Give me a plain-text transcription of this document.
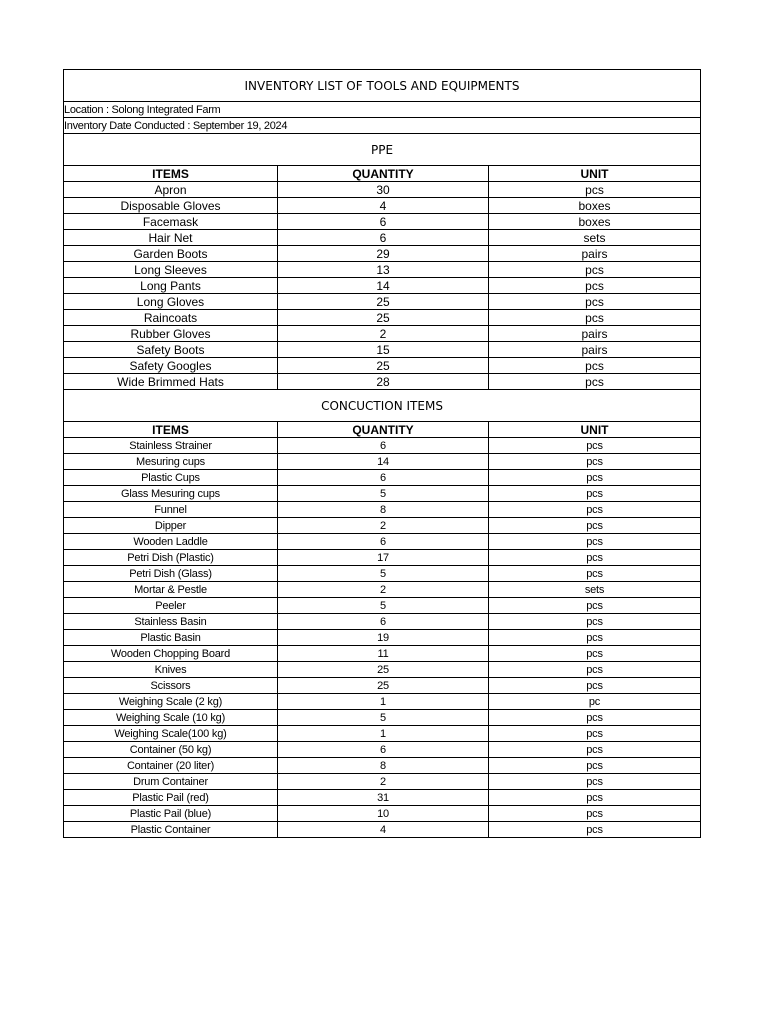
INVENTORY LIST OF TOOLS AND EQUIPMENTS		
Location : Solong Integrated Farm		
Inventory Date Conducted : September 19, 2024		
PPE		
ITEMS	QUANTITY	UNIT
Apron	30	pcs
Disposable Gloves	4	boxes
Facemask	6	boxes
Hair Net	6	sets
Garden Boots	29	pairs
Long Sleeves	13	pcs
Long Pants	14	pcs
Long Gloves	25	pcs
Raincoats	25	pcs
Rubber Gloves	2	pairs
Safety Boots	15	pairs
Safety Googles	25	pcs
Wide Brimmed Hats	28	pcs
CONCUCTION ITEMS		
ITEMS	QUANTITY	UNIT
Stainless Strainer	6	pcs
Mesuring cups	14	pcs
Plastic Cups	6	pcs
Glass Mesuring cups	5	pcs
Funnel	8	pcs
Dipper	2	pcs
Wooden Laddle	6	pcs
Petri Dish (Plastic)	17	pcs
Petri Dish (Glass)	5	pcs
Mortar & Pestle	2	sets
Peeler	5	pcs
Stainless Basin	6	pcs
Plastic Basin	19	pcs
Wooden Chopping Board	11	pcs
Knives	25	pcs
Scissors	25	pcs
Weighing Scale (2 kg)	1	pc
Weighing Scale (10 kg)	5	pcs
Weighing Scale(100 kg)	1	pcs
Container (50 kg)	6	pcs
Container (20 liter)	8	pcs
Drum Container	2	pcs
Plastic Pail (red)	31	pcs
Plastic Pail (blue)	10	pcs
Plastic Container	4	pcs
